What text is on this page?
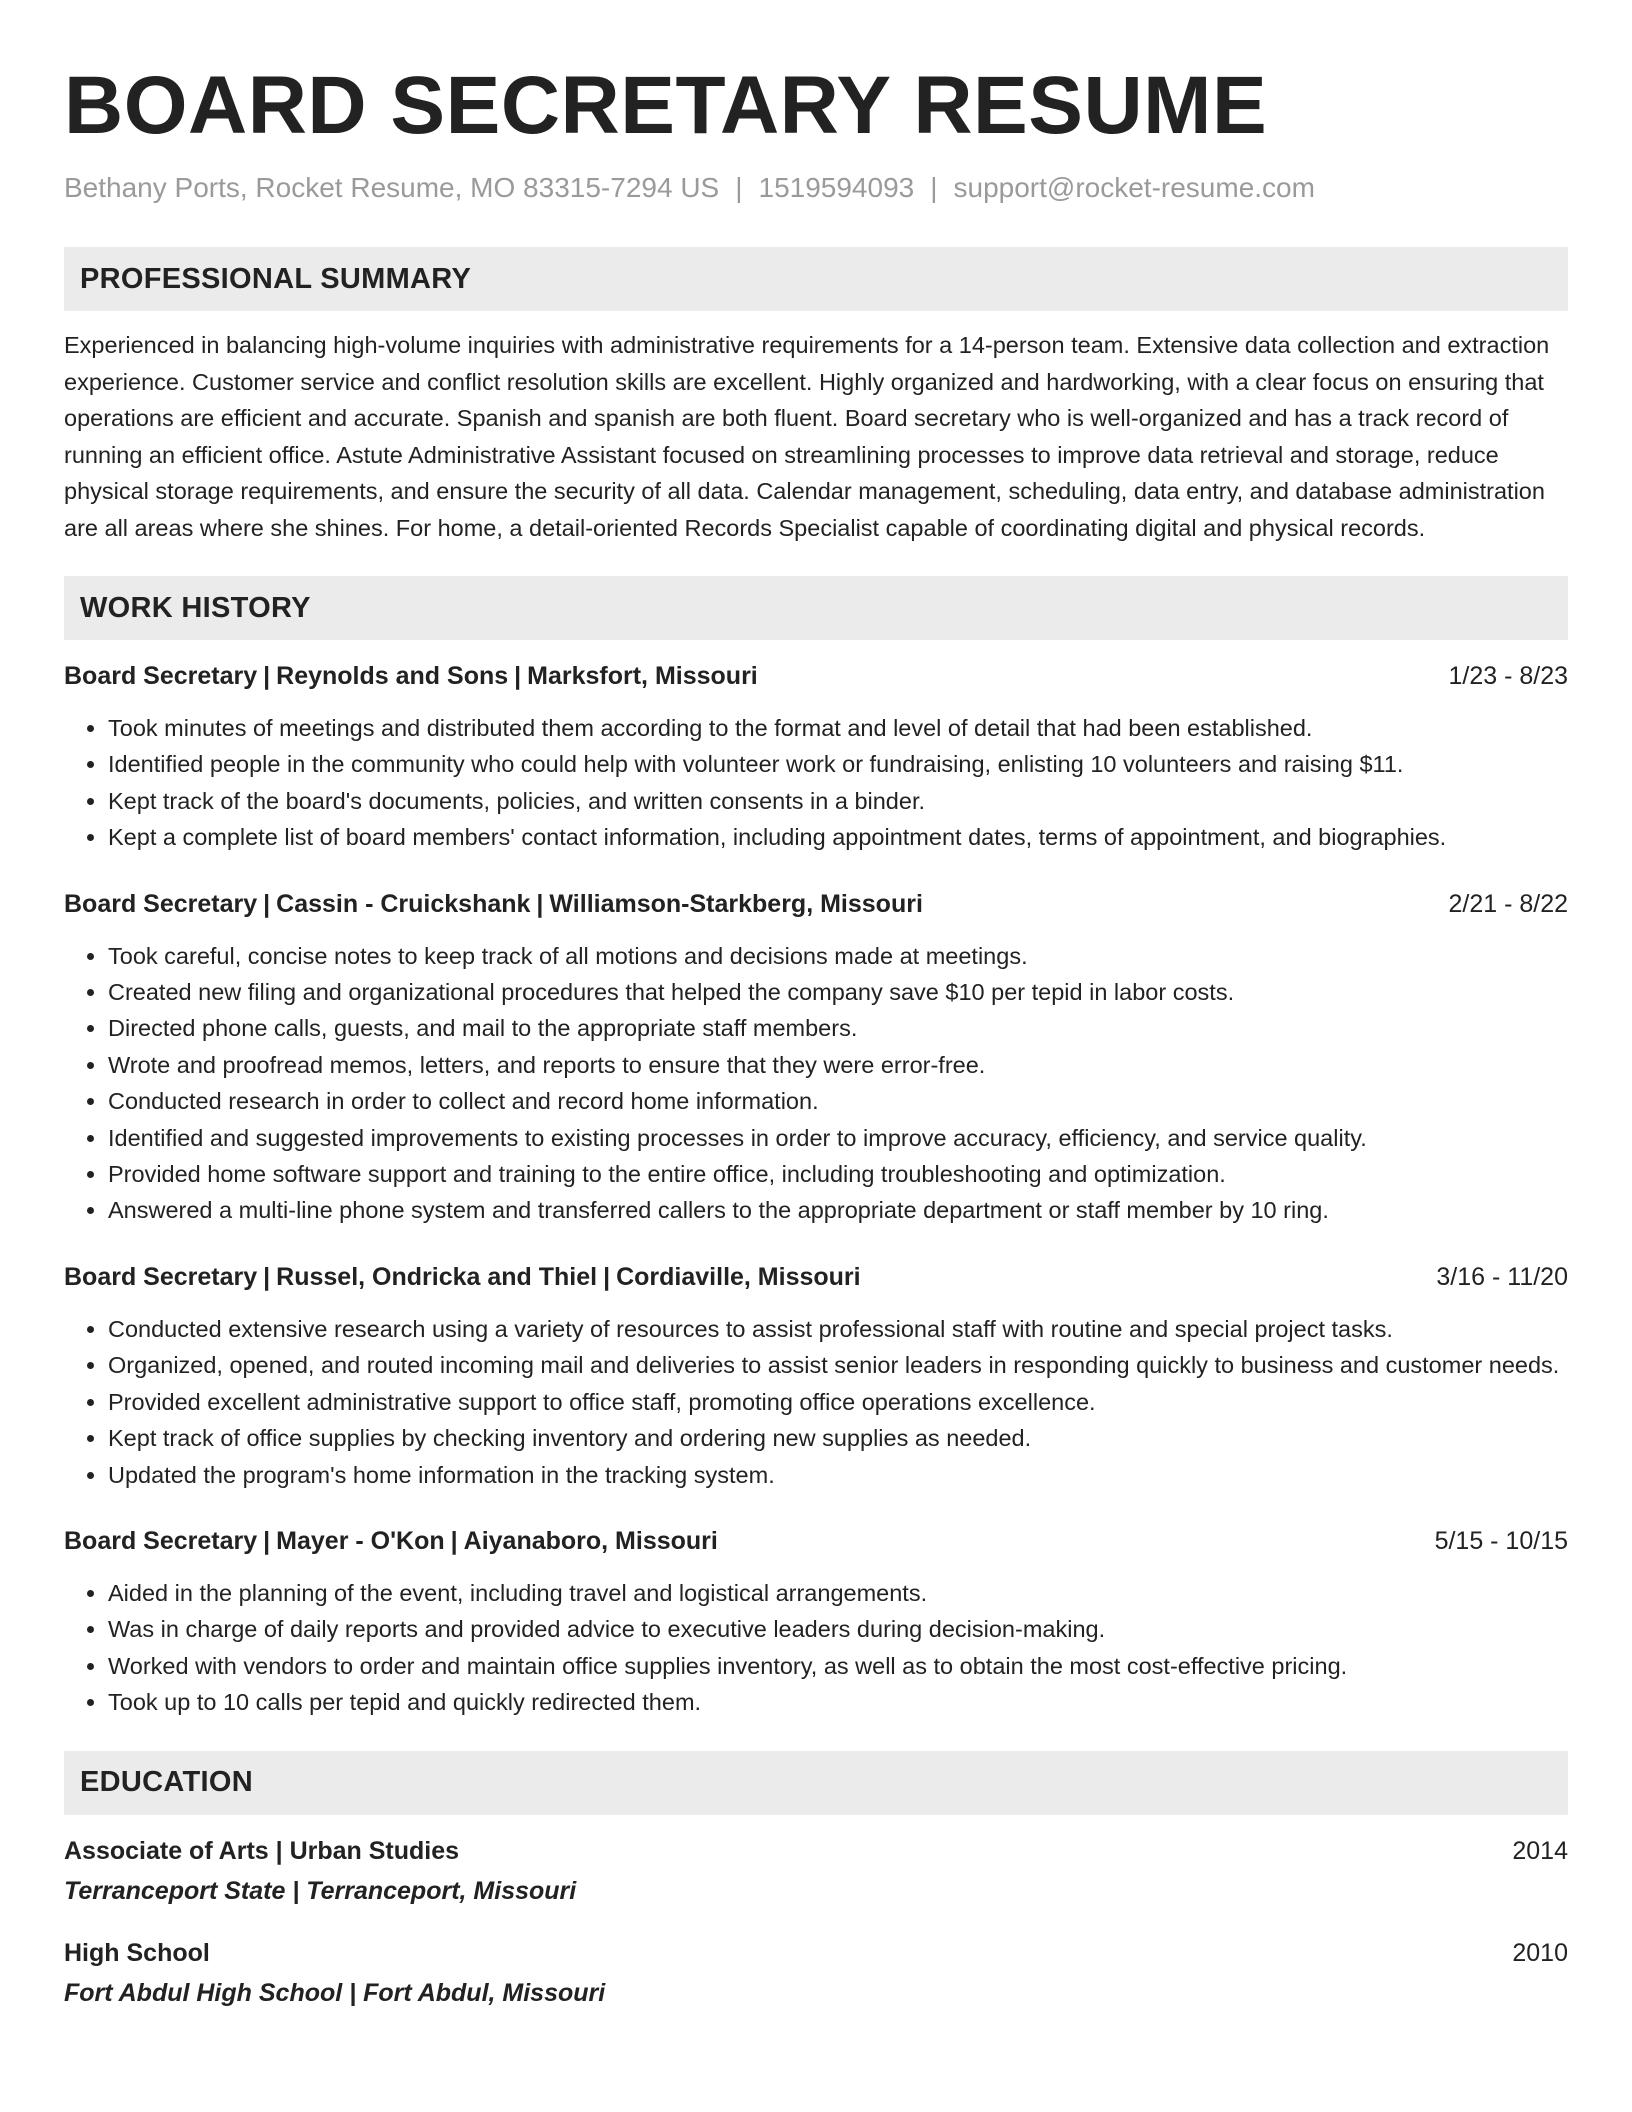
BOARD SECRETARY RESUME
Bethany Ports, Rocket Resume, MO 83315-7294 US | 1519594093 | support@rocket-resume.com
PROFESSIONAL SUMMARY

Experienced in balancing high-volume inquiries with administrative requirements for a 14-person team. Extensive data collection and extraction experience. Customer service and conflict resolution skills are excellent. Highly organized and hardworking, with a clear focus on ensuring that operations are efficient and accurate. Spanish and spanish are both fluent. Board secretary who is well-organized and has a track record of running an efficient office. Astute Administrative Assistant focused on streamlining processes to improve data retrieval and storage, reduce physical storage requirements, and ensure the security of all data. Calendar management, scheduling, data entry, and database administration are all areas where she shines. For home, a detail-oriented Records Specialist capable of coordinating digital and physical records.

WORK HISTORY
Board Secretary | Reynolds and Sons | Marksfort, Missouri	1/23 - 8/23
• Took minutes of meetings and distributed them according to the format and level of detail that had been established.
• Identified people in the community who could help with volunteer work or fundraising, enlisting 10 volunteers and raising $11.
• Kept track of the board's documents, policies, and written consents in a binder.
• Kept a complete list of board members' contact information, including appointment dates, terms of appointment, and biographies.
Board Secretary | Cassin - Cruickshank | Williamson-Starkberg, Missouri	2/21 - 8/22
• Took careful, concise notes to keep track of all motions and decisions made at meetings.
• Created new filing and organizational procedures that helped the company save $10 per tepid in labor costs.
• Directed phone calls, guests, and mail to the appropriate staff members.
• Wrote and proofread memos, letters, and reports to ensure that they were error-free.
• Conducted research in order to collect and record home information.
• Identified and suggested improvements to existing processes in order to improve accuracy, efficiency, and service quality.
• Provided home software support and training to the entire office, including troubleshooting and optimization.
• Answered a multi-line phone system and transferred callers to the appropriate department or staff member by 10 ring.
Board Secretary | Russel, Ondricka and Thiel | Cordiaville, Missouri	3/16 - 11/20
• Conducted extensive research using a variety of resources to assist professional staff with routine and special project tasks.
• Organized, opened, and routed incoming mail and deliveries to assist senior leaders in responding quickly to business and customer needs.
• Provided excellent administrative support to office staff, promoting office operations excellence.
• Kept track of office supplies by checking inventory and ordering new supplies as needed.
• Updated the program's home information in the tracking system.
Board Secretary | Mayer - O'Kon | Aiyanaboro, Missouri	5/15 - 10/15
• Aided in the planning of the event, including travel and logistical arrangements.
• Was in charge of daily reports and provided advice to executive leaders during decision-making.
• Worked with vendors to order and maintain office supplies inventory, as well as to obtain the most cost-effective pricing.
• Took up to 10 calls per tepid and quickly redirected them.
EDUCATION
Associate of Arts | Urban Studies	2014
Terranceport State | Terranceport, Missouri
High School	2010
Fort Abdul High School | Fort Abdul, Missouri
